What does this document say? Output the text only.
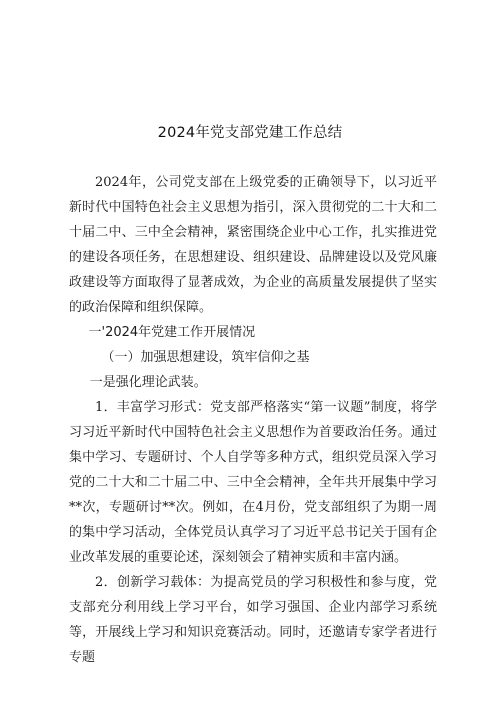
2024年党支部党建工作总结

2024年，公司党支部在上级党委的正确领导下，以习近平新时代中国特色社会主义思想为指引，深入贯彻党的二十大和二十届二中、三中全会精神，紧密围绕企业中心工作，扎实推进党的建设各项任务，在思想建设、组织建设、品牌建设以及党风廉政建设等方面取得了显著成效，为企业的高质量发展提供了坚实的政治保障和组织保障。

一'2024年党建工作开展情况

（一）加强思想建设，筑牢信仰之基

一是强化理论武装。

1．丰富学习形式：党支部严格落实“第一议题”制度，将学习习近平新时代中国特色社会主义思想作为首要政治任务。通过集中学习、专题研讨、个人自学等多种方式，组织党员深入学习党的二十大和二十届二中、三中全会精神，全年共开展集中学习**次，专题研讨**次。例如，在4月份，党支部组织了为期一周的集中学习活动，全体党员认真学习了习近平总书记关于国有企业改革发展的重要论述，深刻领会了精神实质和丰富内涵。

2．创新学习载体：为提高党员的学习积极性和参与度，党支部充分利用线上学习平台，如学习强国、企业内部学习系统等，开展线上学习和知识竞赛活动。同时，还邀请专家学者进行专题
